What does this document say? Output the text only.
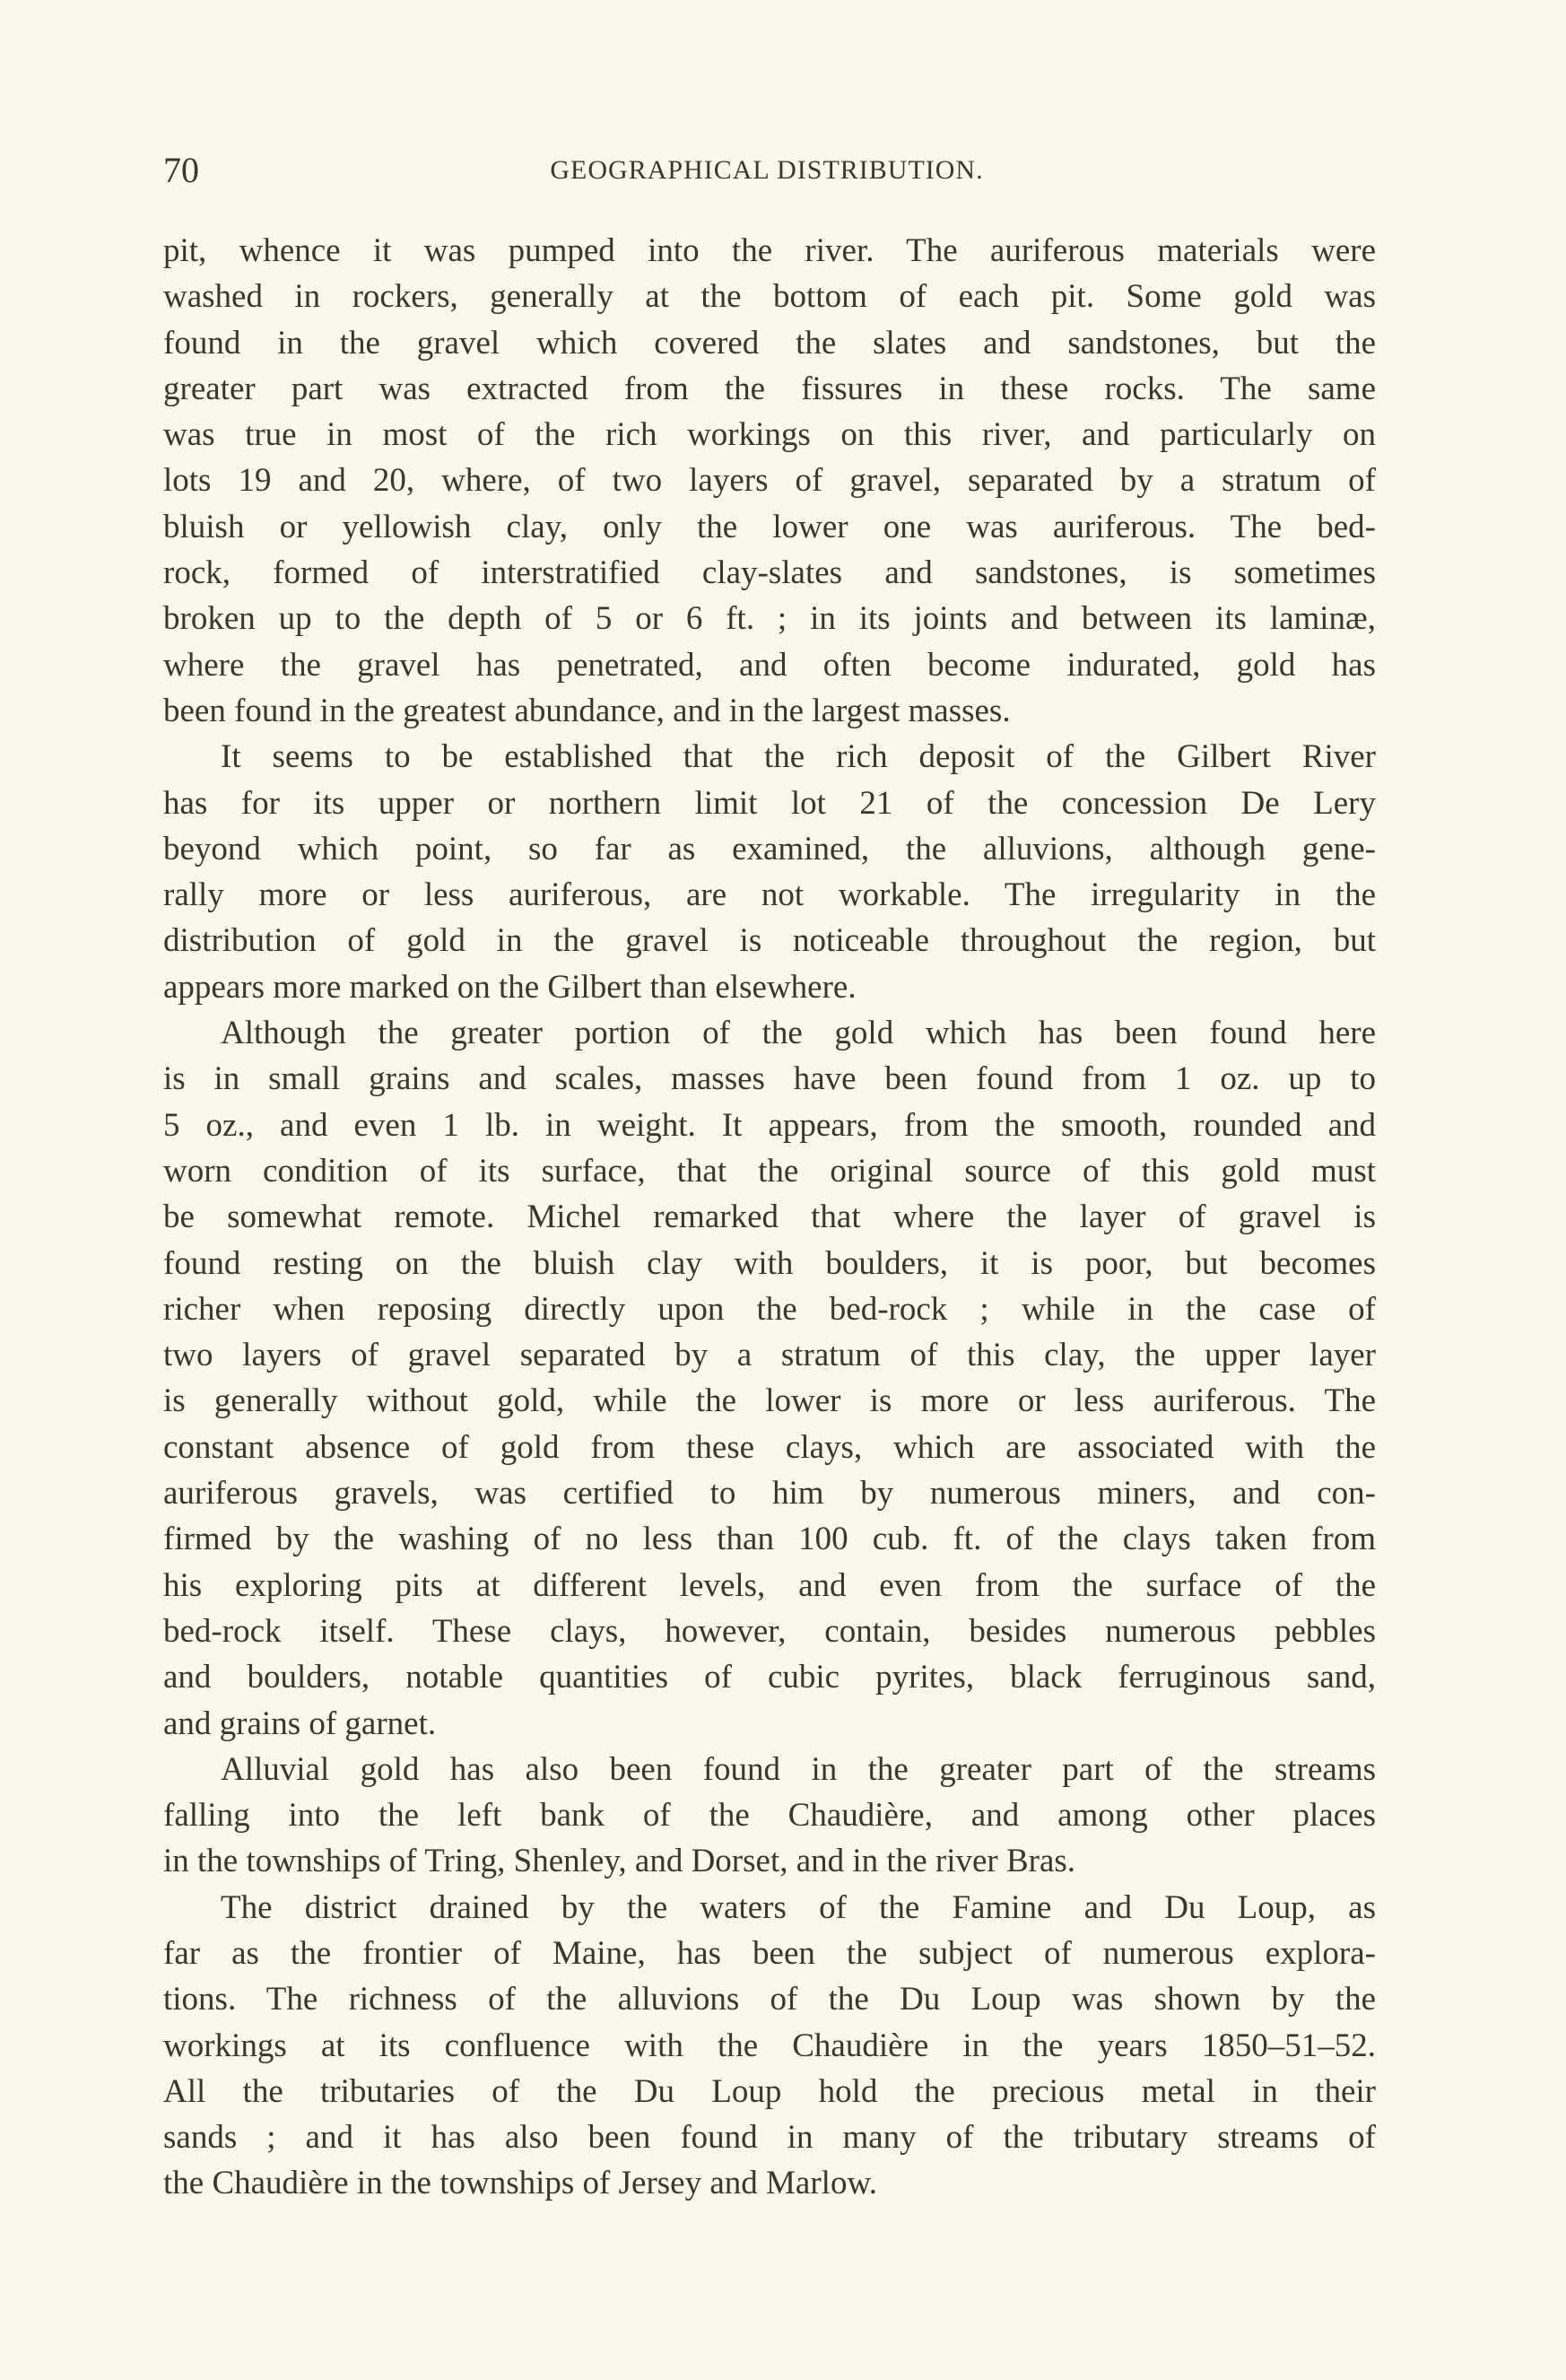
70	GEOGRAPHICAL DISTRIBUTION.
pit, whence it was pumped into the river. The auriferous materials were
washed in rockers, generally at the bottom of each pit. Some gold was
found in the gravel which covered the slates and sandstones, but the
greater part was extracted from the fissures in these rocks. The same
was true in most of the rich workings on this river, and particularly on
lots 19 and 20, where, of two layers of gravel, separated by a stratum of
bluish or yellowish clay, only the lower one was auriferous. The bed-
rock, formed of interstratified clay-slates and sandstones, is sometimes
broken up to the depth of 5 or 6 ft. ; in its joints and between its laminæ,
where the gravel has penetrated, and often become indurated, gold has
been found in the greatest abundance, and in the largest masses.
It seems to be established that the rich deposit of the Gilbert River
has for its upper or northern limit lot 21 of the concession De Lery
beyond which point, so far as examined, the alluvions, although gene-
rally more or less auriferous, are not workable. The irregularity in the
distribution of gold in the gravel is noticeable throughout the region, but
appears more marked on the Gilbert than elsewhere.
Although the greater portion of the gold which has been found here
is in small grains and scales, masses have been found from 1 oz. up to
5 oz., and even 1 lb. in weight. It appears, from the smooth, rounded and
worn condition of its surface, that the original source of this gold must
be somewhat remote. Michel remarked that where the layer of gravel is
found resting on the bluish clay with boulders, it is poor, but becomes
richer when reposing directly upon the bed-rock ; while in the case of
two layers of gravel separated by a stratum of this clay, the upper layer
is generally without gold, while the lower is more or less auriferous. The
constant absence of gold from these clays, which are associated with the
auriferous gravels, was certified to him by numerous miners, and con-
firmed by the washing of no less than 100 cub. ft. of the clays taken from
his exploring pits at different levels, and even from the surface of the
bed-rock itself. These clays, however, contain, besides numerous pebbles
and boulders, notable quantities of cubic pyrites, black ferruginous sand,
and grains of garnet.
Alluvial gold has also been found in the greater part of the streams
falling into the left bank of the Chaudière, and among other places
in the townships of Tring, Shenley, and Dorset, and in the river Bras.
The district drained by the waters of the Famine and Du Loup, as
far as the frontier of Maine, has been the subject of numerous explora-
tions. The richness of the alluvions of the Du Loup was shown by the
workings at its confluence with the Chaudière in the years 1850–51–52.
All the tributaries of the Du Loup hold the precious metal in their
sands ; and it has also been found in many of the tributary streams of
the Chaudière in the townships of Jersey and Marlow.
